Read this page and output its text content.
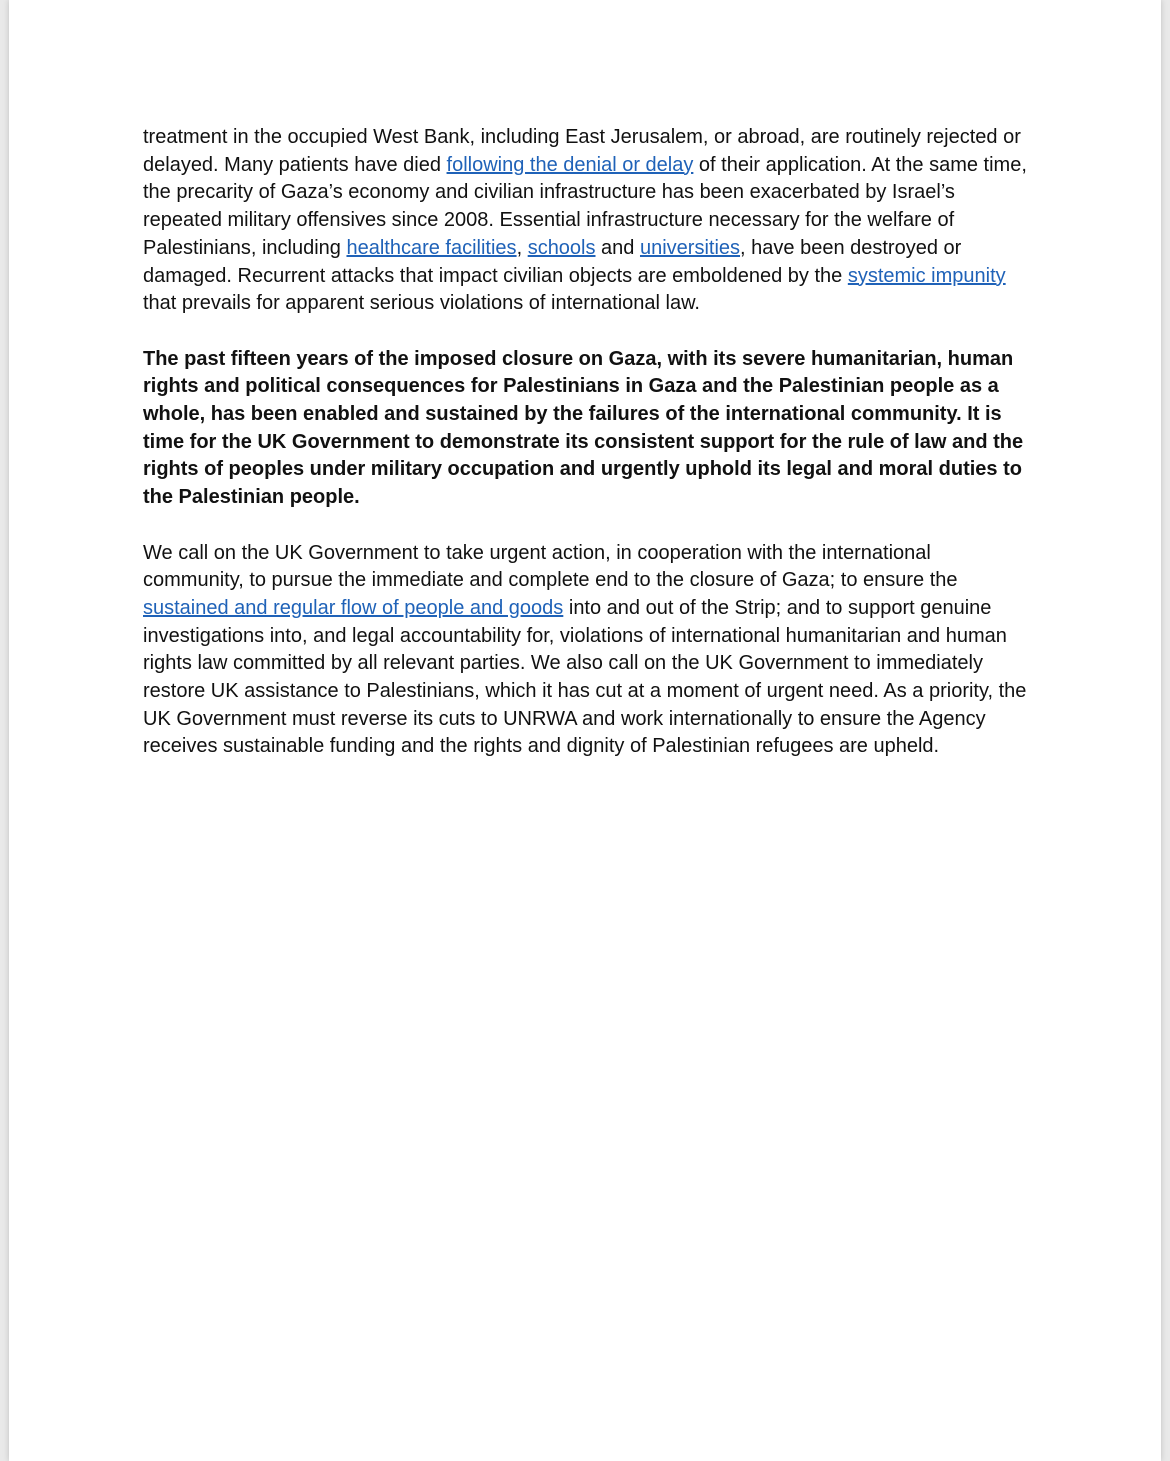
treatment in the occupied West Bank, including East Jerusalem, or abroad, are routinely rejected or delayed. Many patients have died following the denial or delay of their application. At the same time, the precarity of Gaza’s economy and civilian infrastructure has been exacerbated by Israel’s repeated military offensives since 2008. Essential infrastructure necessary for the welfare of Palestinians, including healthcare facilities, schools and universities, have been destroyed or damaged. Recurrent attacks that impact civilian objects are emboldened by the systemic impunity that prevails for apparent serious violations of international law.

The past fifteen years of the imposed closure on Gaza, with its severe humanitarian, human rights and political consequences for Palestinians in Gaza and the Palestinian people as a whole, has been enabled and sustained by the failures of the international community. It is time for the UK Government to demonstrate its consistent support for the rule of law and the rights of peoples under military occupation and urgently uphold its legal and moral duties to the Palestinian people.

We call on the UK Government to take urgent action, in cooperation with the international community, to pursue the immediate and complete end to the closure of Gaza; to ensure the sustained and regular flow of people and goods into and out of the Strip; and to support genuine investigations into, and legal accountability for, violations of international humanitarian and human rights law committed by all relevant parties. We also call on the UK Government to immediately restore UK assistance to Palestinians, which it has cut at a moment of urgent need. As a priority, the UK Government must reverse its cuts to UNRWA and work internationally to ensure the Agency receives sustainable funding and the rights and dignity of Palestinian refugees are upheld.
